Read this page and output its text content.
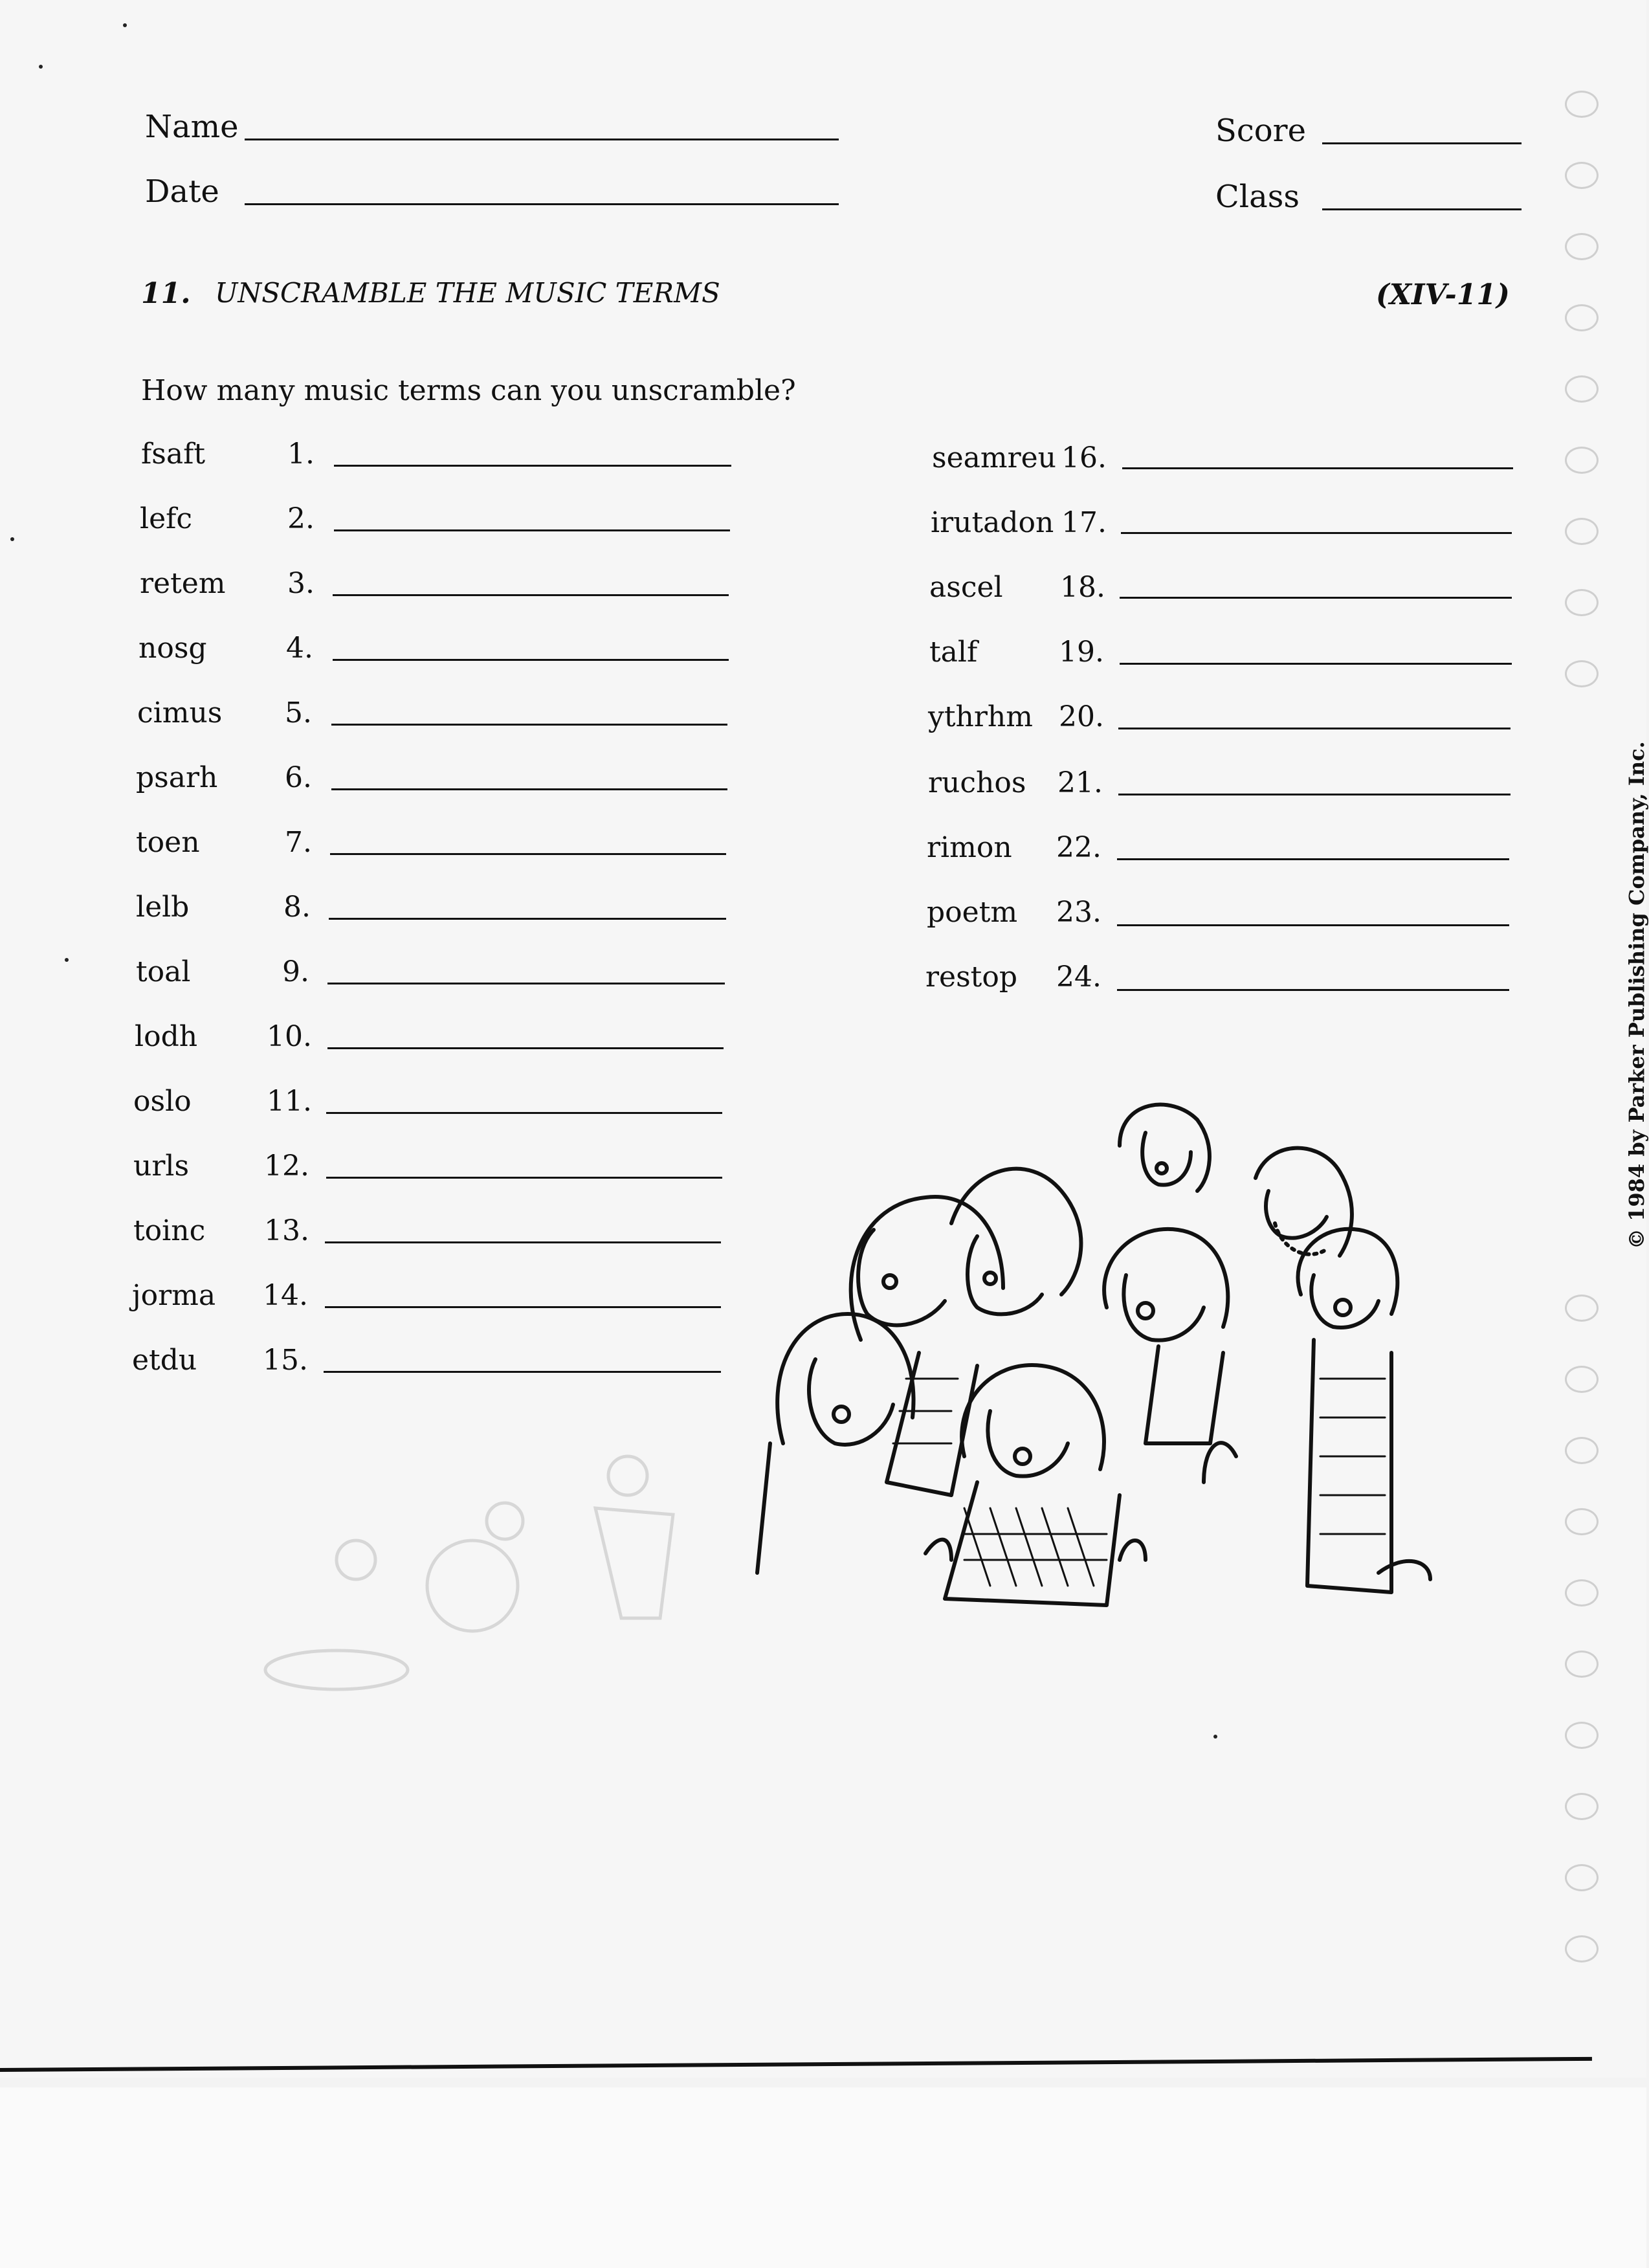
Name
Date
Score
Class
11. UNSCRAMBLE THE MUSIC TERMS	(XIV-11)
How many music terms can you unscramble?
fsaft	1.
lefc	2.
retem 3.
nosg	4.
cimus 5.
psarh 6.
toen	7.
lelb	8.
toal	9.
lodh 10.
oslo	11.
urls	12.
toinc 13.
jorma 14.
etdu 15.
seamreu 16.
irutadon 17.
ascel 18.
talf	19.
ythrhm 20.
ruchos 21.
rimon 22.
poetm 23.
restop 24.	© 1984 by Parker Publishing Company, Inc.
